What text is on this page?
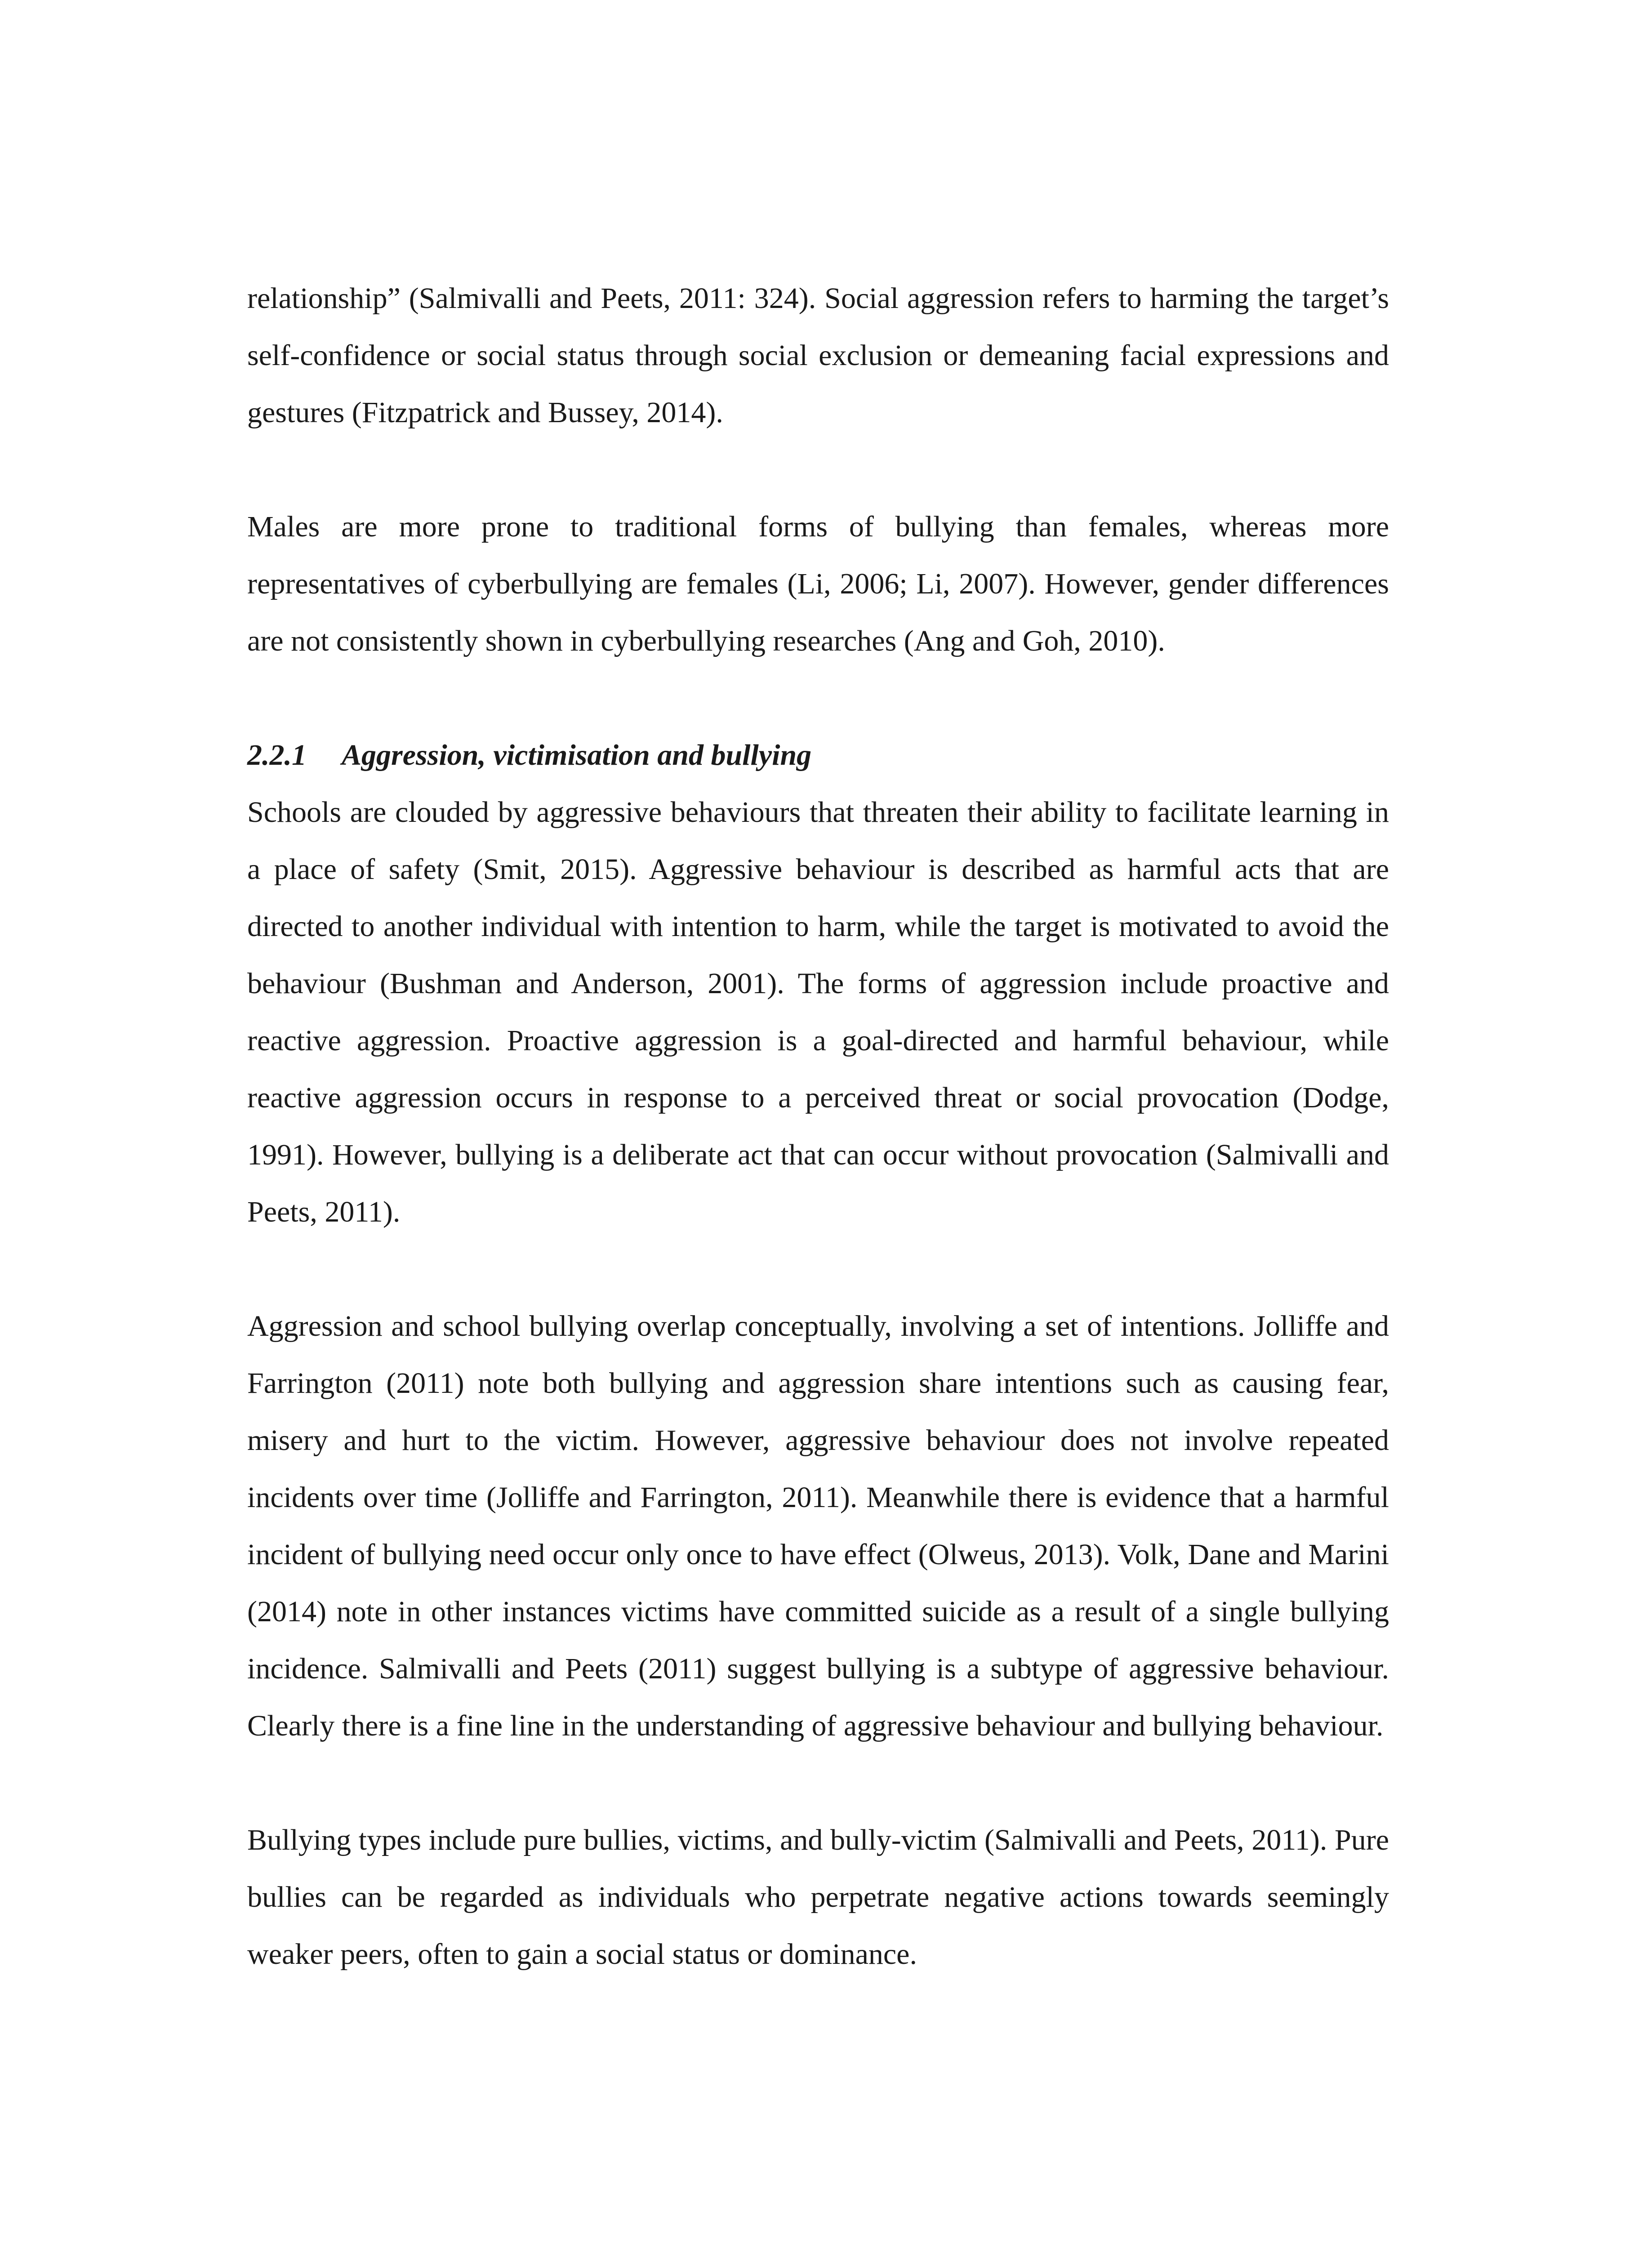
relationship” (Salmivalli and Peets, 2011: 324). Social aggression refers to harming the target’s self-confidence or social status through social exclusion or demeaning facial expressions and gestures (Fitzpatrick and Bussey, 2014).

Males are more prone to traditional forms of bullying than females, whereas more representatives of cyberbullying are females (Li, 2006; Li, 2007). However, gender differences are not consistently shown in cyberbullying researches (Ang and Goh, 2010).

2.2.1 Aggression, victimisation and bullying

Schools are clouded by aggressive behaviours that threaten their ability to facilitate learning in a place of safety (Smit, 2015). Aggressive behaviour is described as harmful acts that are directed to another individual with intention to harm, while the target is motivated to avoid the behaviour (Bushman and Anderson, 2001). The forms of aggression include proactive and reactive aggression. Proactive aggression is a goal-directed and harmful behaviour, while reactive aggression occurs in response to a perceived threat or social provocation (Dodge, 1991). However, bullying is a deliberate act that can occur without provocation (Salmivalli and Peets, 2011).

Aggression and school bullying overlap conceptually, involving a set of intentions. Jolliffe and Farrington (2011) note both bullying and aggression share intentions such as causing fear, misery and hurt to the victim. However, aggressive behaviour does not involve repeated incidents over time (Jolliffe and Farrington, 2011). Meanwhile there is evidence that a harmful incident of bullying need occur only once to have effect (Olweus, 2013). Volk, Dane and Marini (2014) note in other instances victims have committed suicide as a result of a single bullying incidence. Salmivalli and Peets (2011) suggest bullying is a subtype of aggressive behaviour. Clearly there is a fine line in the understanding of aggressive behaviour and bullying behaviour.

Bullying types include pure bullies, victims, and bully-victim (Salmivalli and Peets, 2011). Pure bullies can be regarded as individuals who perpetrate negative actions towards seemingly weaker peers, often to gain a social status or dominance.
